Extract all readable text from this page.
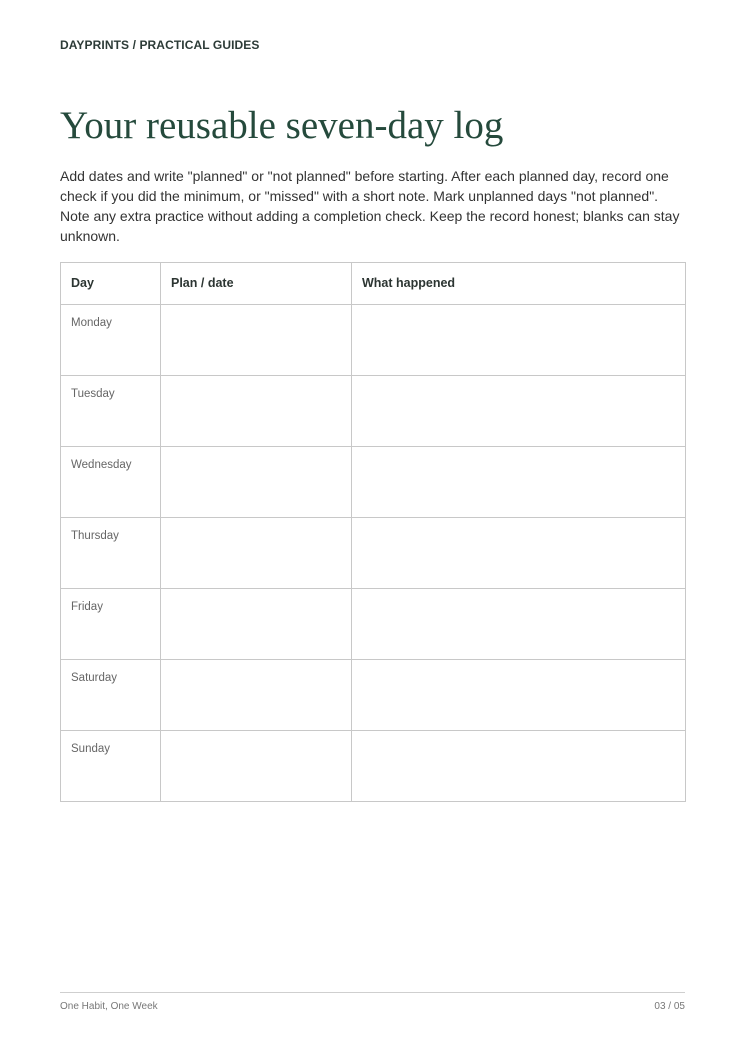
DAYPRINTS / PRACTICAL GUIDES
Your reusable seven-day log

Add dates and write "planned" or "not planned" before starting. After each planned day, record one check if you did the minimum, or "missed" with a short note. Mark unplanned days "not planned". Note any extra practice without adding a completion check. Keep the record honest; blanks can stay unknown.

Day	Plan / date	What happened
Monday		
Tuesday		
Wednesday		
Thursday		
Friday		
Saturday		
Sunday		
One Habit, One Week	03 / 05
